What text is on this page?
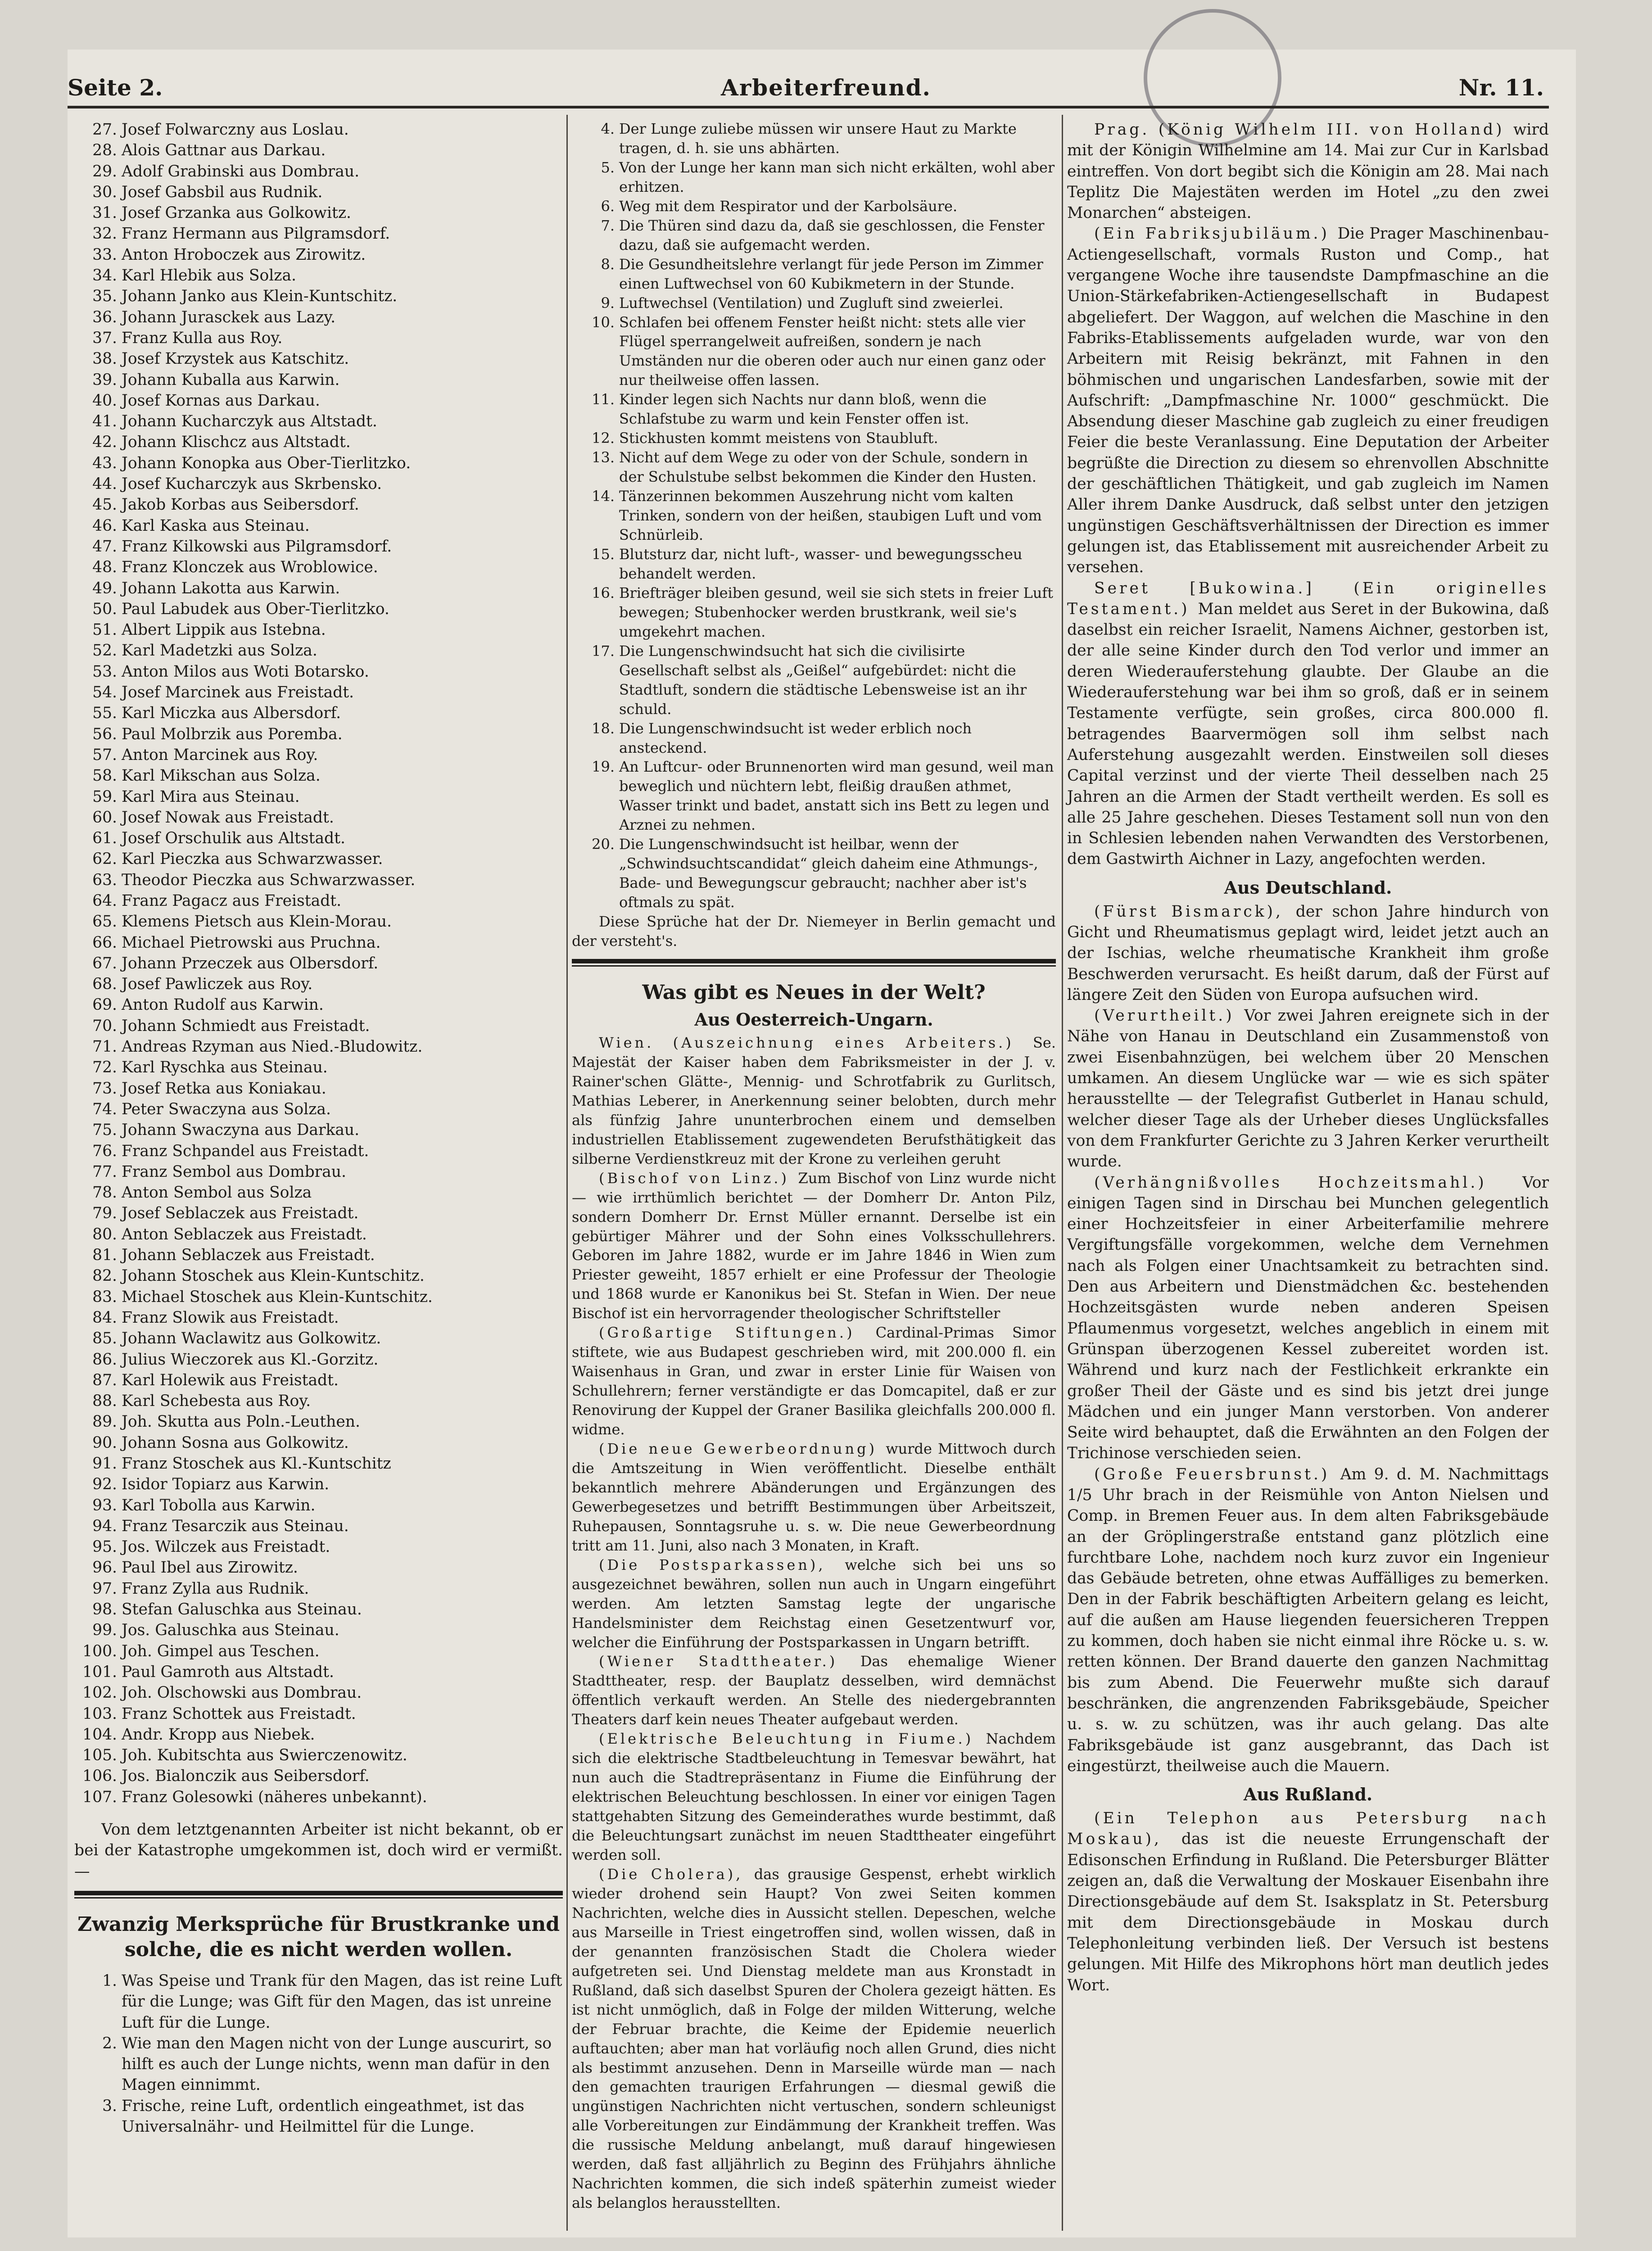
Seite 2.	Arbeiterfreund.	Nr. 11.
27. Josef Folwarczny aus Loslau.
28. Alois Gattnar aus Darkau.
29. Adolf Grabinski aus Dombrau.
30. Josef Gabsbil aus Rudnik.
31. Josef Grzanka aus Golkowitz.
32. Franz Hermann aus Pilgramsdorf.
33. Anton Hroboczek aus Zirowitz.
34. Karl Hlebik aus Solza.
35. Johann Janko aus Klein-Kuntschitz.
36. Johann Jurasckek aus Lazy.
37. Franz Kulla aus Roy.
38. Josef Krzystek aus Katschitz.
39. Johann Kuballa aus Karwin.
40. Josef Kornas aus Darkau.
41. Johann Kucharczyk aus Altstadt.
42. Johann Klischcz aus Altstadt.
43. Johann Konopka aus Ober-Tierlitzko.
44. Josef Kucharczyk aus Skrbensko.
45. Jakob Korbas aus Seibersdorf.
46. Karl Kaska aus Steinau.
47. Franz Kilkowski aus Pilgramsdorf.
48. Franz Klonczek aus Wroblowice.
49. Johann Lakotta aus Karwin.
50. Paul Labudek aus Ober-Tierlitzko.
51. Albert Lippik aus Istebna.
52. Karl Madetzki aus Solza.
53. Anton Milos aus Woti Botarsko.
54. Josef Marcinek aus Freistadt.
55. Karl Miczka aus Albersdorf.
56. Paul Molbrzik aus Poremba.
57. Anton Marcinek aus Roy.
58. Karl Mikschan aus Solza.
59. Karl Mira aus Steinau.
60. Josef Nowak aus Freistadt.
61. Josef Orschulik aus Altstadt.
62. Karl Pieczka aus Schwarzwasser.
63. Theodor Pieczka aus Schwarzwasser.
64. Franz Pagacz aus Freistadt.
65. Klemens Pietsch aus Klein-Morau.
66. Michael Pietrowski aus Pruchna.
67. Johann Przeczek aus Olbersdorf.
68. Josef Pawliczek aus Roy.
69. Anton Rudolf aus Karwin.
70. Johann Schmiedt aus Freistadt.
71. Andreas Rzyman aus Nied.-Bludowitz.
72. Karl Ryschka aus Steinau.
73. Josef Retka aus Koniakau.
74. Peter Swaczyna aus Solza.
75. Johann Swaczyna aus Darkau.
76. Franz Schpandel aus Freistadt.
77. Franz Sembol aus Dombrau.
78. Anton Sembol aus Solza
79. Josef Seblaczek aus Freistadt.
80. Anton Seblaczek aus Freistadt.
81. Johann Seblaczek aus Freistadt.
82. Johann Stoschek aus Klein-Kuntschitz.
83. Michael Stoschek aus Klein-Kuntschitz.
84. Franz Slowik aus Freistadt.
85. Johann Waclawitz aus Golkowitz.
86. Julius Wieczorek aus Kl.-Gorzitz.
87. Karl Holewik aus Freistadt.
88. Karl Schebesta aus Roy.
89. Joh. Skutta aus Poln.-Leuthen.
90. Johann Sosna aus Golkowitz.
91. Franz Stoschek aus Kl.-Kuntschitz
92. Isidor Topiarz aus Karwin.
93. Karl Tobolla aus Karwin.
94. Franz Tesarczik aus Steinau.
95. Jos. Wilczek aus Freistadt.
96. Paul Ibel aus Zirowitz.
97. Franz Zylla aus Rudnik.
98. Stefan Galuschka aus Steinau.
99. Jos. Galuschka aus Steinau.
100. Joh. Gimpel aus Teschen.
101. Paul Gamroth aus Altstadt.
102. Joh. Olschowski aus Dombrau.
103. Franz Schottek aus Freistadt.
104. Andr. Kropp aus Niebek.
105. Joh. Kubitschta aus Swierczenowitz.
106. Jos. Bialonczik aus Seibersdorf.
107. Franz Golesowki (näheres unbekannt).

Von dem letztgenannten Arbeiter ist nicht bekannt, ob er bei der Katastrophe umgekommen ist, doch wird er vermißt. —

Zwanzig Merksprüche für Brustkranke und solche, die es nicht werden wollen.
1. Was Speise und Trank für den Magen, das ist reine Luft für die Lunge; was Gift für den Magen, das ist unreine Luft für die Lunge.
2. Wie man den Magen nicht von der Lunge auscurirt, so hilft es auch der Lunge nichts, wenn man dafür in den Magen einnimmt.
3. Frische, reine Luft, ordentlich eingeathmet, ist das Universalnähr- und Heilmittel für die Lunge.
4. Der Lunge zuliebe müssen wir unsere Haut zu Markte tragen, d. h. sie uns abhärten.
5. Von der Lunge her kann man sich nicht erkälten, wohl aber erhitzen.
6. Weg mit dem Respirator und der Karbolsäure.
7. Die Thüren sind dazu da, daß sie geschlossen, die Fenster dazu, daß sie aufgemacht werden.
8. Die Gesundheitslehre verlangt für jede Person im Zimmer einen Luftwechsel von 60 Kubikmetern in der Stunde.
9. Luftwechsel (Ventilation) und Zugluft sind zweierlei.
10. Schlafen bei offenem Fenster heißt nicht: stets alle vier Flügel sperrangelweit aufreißen, sondern je nach Umständen nur die oberen oder auch nur einen ganz oder nur theilweise offen lassen.
11. Kinder legen sich Nachts nur dann bloß, wenn die Schlafstube zu warm und kein Fenster offen ist.
12. Stickhusten kommt meistens von Staubluft.
13. Nicht auf dem Wege zu oder von der Schule, sondern in der Schulstube selbst bekommen die Kinder den Husten.
14. Tänzerinnen bekommen Auszehrung nicht vom kalten Trinken, sondern von der heißen, staubigen Luft und vom Schnürleib.
15. Blutsturz dar, nicht luft-, wasser- und bewegungsscheu behandelt werden.
16. Briefträger bleiben gesund, weil sie sich stets in freier Luft bewegen; Stubenhocker werden brustkrank, weil sie's umgekehrt machen.
17. Die Lungenschwindsucht hat sich die civilisirte Gesellschaft selbst als „Geißel“ aufgebürdet: nicht die Stadtluft, sondern die städtische Lebensweise ist an ihr schuld.
18. Die Lungenschwindsucht ist weder erblich noch ansteckend.
19. An Luftcur- oder Brunnenorten wird man gesund, weil man beweglich und nüchtern lebt, fleißig draußen athmet, Wasser trinkt und badet, anstatt sich ins Bett zu legen und Arznei zu nehmen.
20. Die Lungenschwindsucht ist heilbar, wenn der „Schwindsuchtscandidat“ gleich daheim eine Athmungs-, Bade- und Bewegungscur gebraucht; nachher aber ist's oftmals zu spät.

Diese Sprüche hat der Dr. Niemeyer in Berlin gemacht und der versteht's.

Was gibt es Neues in der Welt?
Aus Oesterreich-Ungarn.

Wien. (Auszeichnung eines Arbeiters.) Se. Majestät der Kaiser haben dem Fabriksmeister in der J. v. Rainer'schen Glätte-, Mennig- und Schrotfabrik zu Gurlitsch, Mathias Leberer, in Anerkennung seiner belobten, durch mehr als fünfzig Jahre ununterbrochen einem und demselben industriellen Etablissement zugewendeten Berufsthätigkeit das silberne Verdienstkreuz mit der Krone zu verleihen geruht

(Bischof von Linz.) Zum Bischof von Linz wurde nicht — wie irrthümlich berichtet — der Domherr Dr. Anton Pilz, sondern Domherr Dr. Ernst Müller ernannt. Derselbe ist ein gebürtiger Mährer und der Sohn eines Volksschullehrers. Geboren im Jahre 1882, wurde er im Jahre 1846 in Wien zum Priester geweiht, 1857 erhielt er eine Professur der Theologie und 1868 wurde er Kanonikus bei St. Stefan in Wien. Der neue Bischof ist ein hervorragender theologischer Schriftsteller

(Großartige Stiftungen.) Cardinal-Primas Simor stiftete, wie aus Budapest geschrieben wird, mit 200.000 fl. ein Waisenhaus in Gran, und zwar in erster Linie für Waisen von Schullehrern; ferner verständigte er das Domcapitel, daß er zur Renovirung der Kuppel der Graner Basilika gleichfalls 200.000 fl. widme.

(Die neue Gewerbeordnung) wurde Mittwoch durch die Amtszeitung in Wien veröffentlicht. Dieselbe enthält bekanntlich mehrere Abänderungen und Ergänzungen des Gewerbegesetzes und betrifft Bestimmungen über Arbeitszeit, Ruhepausen, Sonntagsruhe u. s. w. Die neue Gewerbeordnung tritt am 11. Juni, also nach 3 Monaten, in Kraft.

(Die Postsparkassen), welche sich bei uns so ausgezeichnet bewähren, sollen nun auch in Ungarn eingeführt werden. Am letzten Samstag legte der ungarische Handelsminister dem Reichstag einen Gesetzentwurf vor, welcher die Einführung der Postsparkassen in Ungarn betrifft.

(Wiener Stadttheater.) Das ehemalige Wiener Stadttheater, resp. der Bauplatz desselben, wird demnächst öffentlich verkauft werden. An Stelle des niedergebrannten Theaters darf kein neues Theater aufgebaut werden.

(Elektrische Beleuchtung in Fiume.) Nachdem sich die elektrische Stadtbeleuchtung in Temesvar bewährt, hat nun auch die Stadtrepräsentanz in Fiume die Einführung der elektrischen Beleuchtung beschlossen. In einer vor einigen Tagen stattgehabten Sitzung des Gemeinderathes wurde bestimmt, daß die Beleuchtungsart zunächst im neuen Stadttheater eingeführt werden soll.

(Die Cholera), das grausige Gespenst, erhebt wirklich wieder drohend sein Haupt? Von zwei Seiten kommen Nachrichten, welche dies in Aussicht stellen. Depeschen, welche aus Marseille in Triest eingetroffen sind, wollen wissen, daß in der genannten französischen Stadt die Cholera wieder aufgetreten sei. Und Dienstag meldete man aus Kronstadt in Rußland, daß sich daselbst Spuren der Cholera gezeigt hätten. Es ist nicht unmöglich, daß in Folge der milden Witterung, welche der Februar brachte, die Keime der Epidemie neuerlich auftauchten; aber man hat vorläufig noch allen Grund, dies nicht als bestimmt anzusehen. Denn in Marseille würde man — nach den gemachten traurigen Erfahrungen — diesmal gewiß die ungünstigen Nachrichten nicht vertuschen, sondern schleunigst alle Vorbereitungen zur Eindämmung der Krankheit treffen. Was die russische Meldung anbelangt, muß darauf hingewiesen werden, daß fast alljährlich zu Beginn des Frühjahrs ähnliche Nachrichten kommen, die sich indeß späterhin zumeist wieder als belanglos herausstellten.

Prag. (König Wilhelm III. von Holland) wird mit der Königin Wilhelmine am 14. Mai zur Cur in Karlsbad eintreffen. Von dort begibt sich die Königin am 28. Mai nach Teplitz Die Majestäten werden im Hotel „zu den zwei Monarchen“ absteigen.

(Ein Fabriksjubiläum.) Die Prager Maschinenbau-Actiengesellschaft, vormals Ruston und Comp., hat vergangene Woche ihre tausendste Dampfmaschine an die Union-Stärkefabriken-Actiengesellschaft in Budapest abgeliefert. Der Waggon, auf welchen die Maschine in den Fabriks-Etablissements aufgeladen wurde, war von den Arbeitern mit Reisig bekränzt, mit Fahnen in den böhmischen und ungarischen Landesfarben, sowie mit der Aufschrift: „Dampfmaschine Nr. 1000“ geschmückt. Die Absendung dieser Maschine gab zugleich zu einer freudigen Feier die beste Veranlassung. Eine Deputation der Arbeiter begrüßte die Direction zu diesem so ehrenvollen Abschnitte der geschäftlichen Thätigkeit, und gab zugleich im Namen Aller ihrem Danke Ausdruck, daß selbst unter den jetzigen ungünstigen Geschäftsverhältnissen der Direction es immer gelungen ist, das Etablissement mit ausreichender Arbeit zu versehen.

Seret [Bukowina.] (Ein originelles Testament.) Man meldet aus Seret in der Bukowina, daß daselbst ein reicher Israelit, Namens Aichner, gestorben ist, der alle seine Kinder durch den Tod verlor und immer an deren Wiederauferstehung glaubte. Der Glaube an die Wiederauferstehung war bei ihm so groß, daß er in seinem Testamente verfügte, sein großes, circa 800.000 fl. betragendes Baarvermögen soll ihm selbst nach Auferstehung ausgezahlt werden. Einstweilen soll dieses Capital verzinst und der vierte Theil desselben nach 25 Jahren an die Armen der Stadt vertheilt werden. Es soll es alle 25 Jahre geschehen. Dieses Testament soll nun von den in Schlesien lebenden nahen Verwandten des Verstorbenen, dem Gastwirth Aichner in Lazy, angefochten werden.

Aus Deutschland.

(Fürst Bismarck), der schon Jahre hindurch von Gicht und Rheumatismus geplagt wird, leidet jetzt auch an der Ischias, welche rheumatische Krankheit ihm große Beschwerden verursacht. Es heißt darum, daß der Fürst auf längere Zeit den Süden von Europa aufsuchen wird.

(Verurtheilt.) Vor zwei Jahren ereignete sich in der Nähe von Hanau in Deutschland ein Zusammenstoß von zwei Eisenbahnzügen, bei welchem über 20 Menschen umkamen. An diesem Unglücke war — wie es sich später herausstellte — der Telegrafist Gutberlet in Hanau schuld, welcher dieser Tage als der Urheber dieses Unglücksfalles von dem Frankfurter Gerichte zu 3 Jahren Kerker verurtheilt wurde.

(Verhängnißvolles Hochzeitsmahl.) Vor einigen Tagen sind in Dirschau bei Munchen gelegentlich einer Hochzeitsfeier in einer Arbeiterfamilie mehrere Vergiftungsfälle vorgekommen, welche dem Vernehmen nach als Folgen einer Unachtsamkeit zu betrachten sind. Den aus Arbeitern und Dienstmädchen &c. bestehenden Hochzeitsgästen wurde neben anderen Speisen Pflaumenmus vorgesetzt, welches angeblich in einem mit Grünspan überzogenen Kessel zubereitet worden ist. Während und kurz nach der Festlichkeit erkrankte ein großer Theil der Gäste und es sind bis jetzt drei junge Mädchen und ein junger Mann verstorben. Von anderer Seite wird behauptet, daß die Erwähnten an den Folgen der Trichinose verschieden seien.

(Große Feuersbrunst.) Am 9. d. M. Nachmittags 1/5 Uhr brach in der Reismühle von Anton Nielsen und Comp. in Bremen Feuer aus. In dem alten Fabriksgebäude an der Gröplingerstraße entstand ganz plötzlich eine furchtbare Lohe, nachdem noch kurz zuvor ein Ingenieur das Gebäude betreten, ohne etwas Auffälliges zu bemerken. Den in der Fabrik beschäftigten Arbeitern gelang es leicht, auf die außen am Hause liegenden feuersicheren Treppen zu kommen, doch haben sie nicht einmal ihre Röcke u. s. w. retten können. Der Brand dauerte den ganzen Nachmittag bis zum Abend. Die Feuerwehr mußte sich darauf beschränken, die angrenzenden Fabriksgebäude, Speicher u. s. w. zu schützen, was ihr auch gelang. Das alte Fabriksgebäude ist ganz ausgebrannt, das Dach ist eingestürzt, theilweise auch die Mauern.

Aus Rußland.

(Ein Telephon aus Petersburg nach Moskau), das ist die neueste Errungenschaft der Edisonschen Erfindung in Rußland. Die Petersburger Blätter zeigen an, daß die Verwaltung der Moskauer Eisenbahn ihre Directionsgebäude auf dem St. Isaksplatz in St. Petersburg mit dem Directionsgebäude in Moskau durch Telephonleitung verbinden ließ. Der Versuch ist bestens gelungen. Mit Hilfe des Mikrophons hört man deutlich jedes Wort.
